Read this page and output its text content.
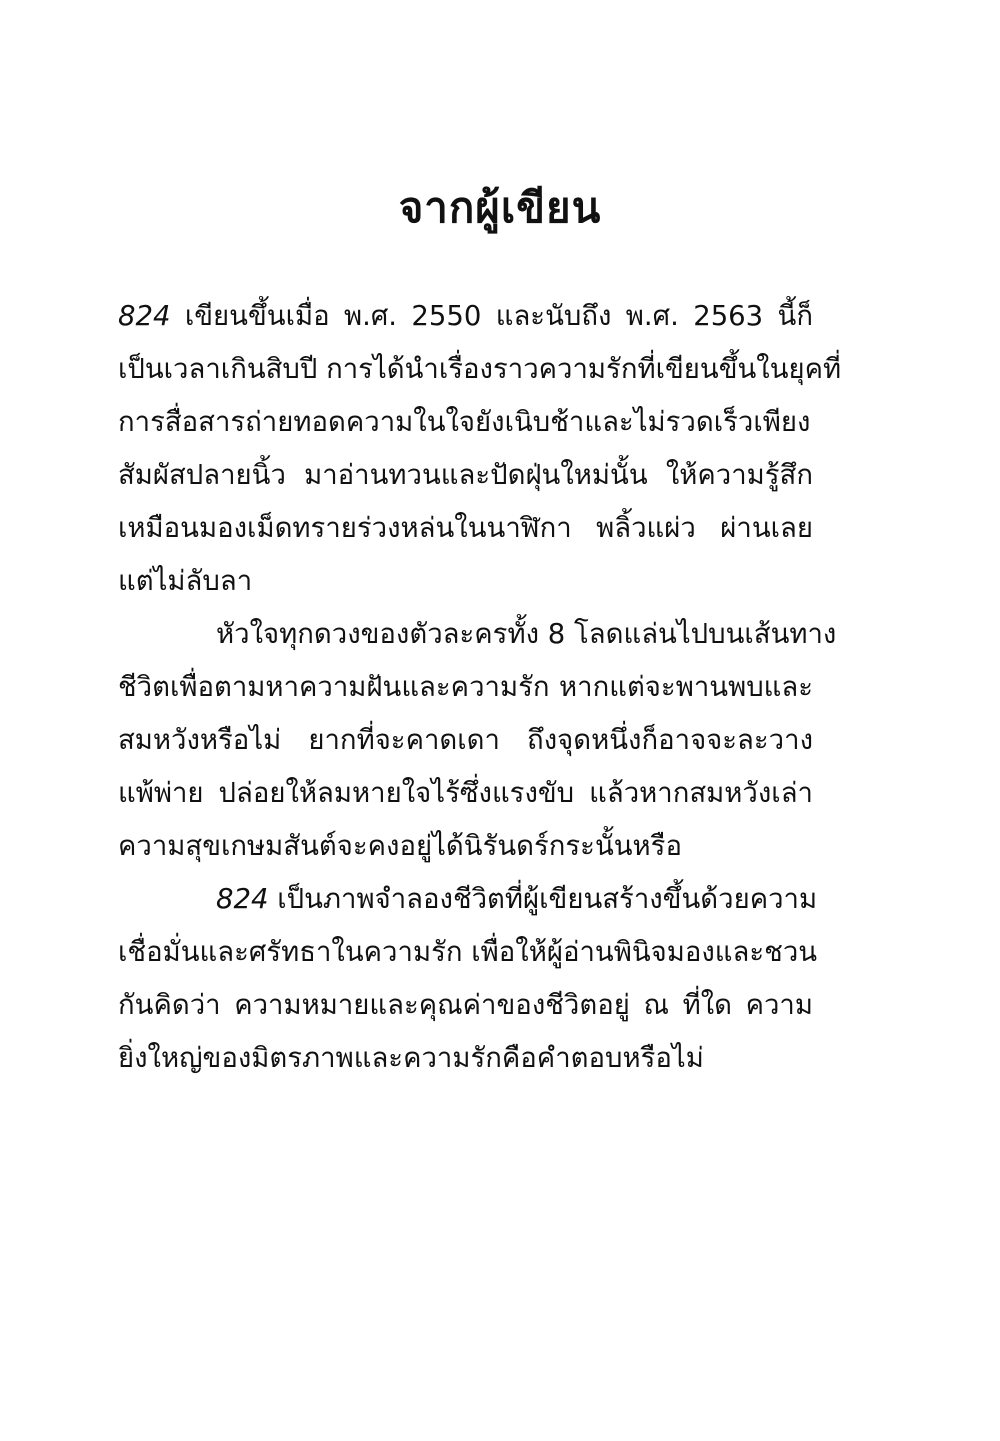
จากผู้เขียน
824 เขียนขึ้นเมื่อ พ.ศ. 2550 และนับถึง พ.ศ. 2563 นี้ก็
เป็นเวลาเกินสิบปี การได้นำเรื่องราวความรักที่เขียนขึ้นในยุคที่
การสื่อสารถ่ายทอดความในใจยังเนิบช้าและไม่รวดเร็วเพียง
สัมผัสปลายนิ้ว มาอ่านทวนและปัดฝุ่นใหม่นั้น ให้ความรู้สึก
เหมือนมองเม็ดทรายร่วงหล่นในนาฬิกา พลิ้วแผ่ว ผ่านเลย
แต่ไม่ลับลา
หัวใจทุกดวงของตัวละครทั้ง 8 โลดแล่นไปบนเส้นทาง
ชีวิตเพื่อตามหาความฝันและความรัก หากแต่จะพานพบและ
สมหวังหรือไม่ ยากที่จะคาดเดา ถึงจุดหนึ่งก็อาจจะละวาง
แพ้พ่าย ปล่อยให้ลมหายใจไร้ซึ่งแรงขับ แล้วหากสมหวังเล่า
ความสุขเกษมสันต์จะคงอยู่ได้นิรันดร์กระนั้นหรือ
824 เป็นภาพจำลองชีวิตที่ผู้เขียนสร้างขึ้นด้วยความ
เชื่อมั่นและศรัทธาในความรัก เพื่อให้ผู้อ่านพินิจมองและชวน
กันคิดว่า ความหมายและคุณค่าของชีวิตอยู่ ณ ที่ใด ความ
ยิ่งใหญ่ของมิตรภาพและความรักคือคำตอบหรือไม่
